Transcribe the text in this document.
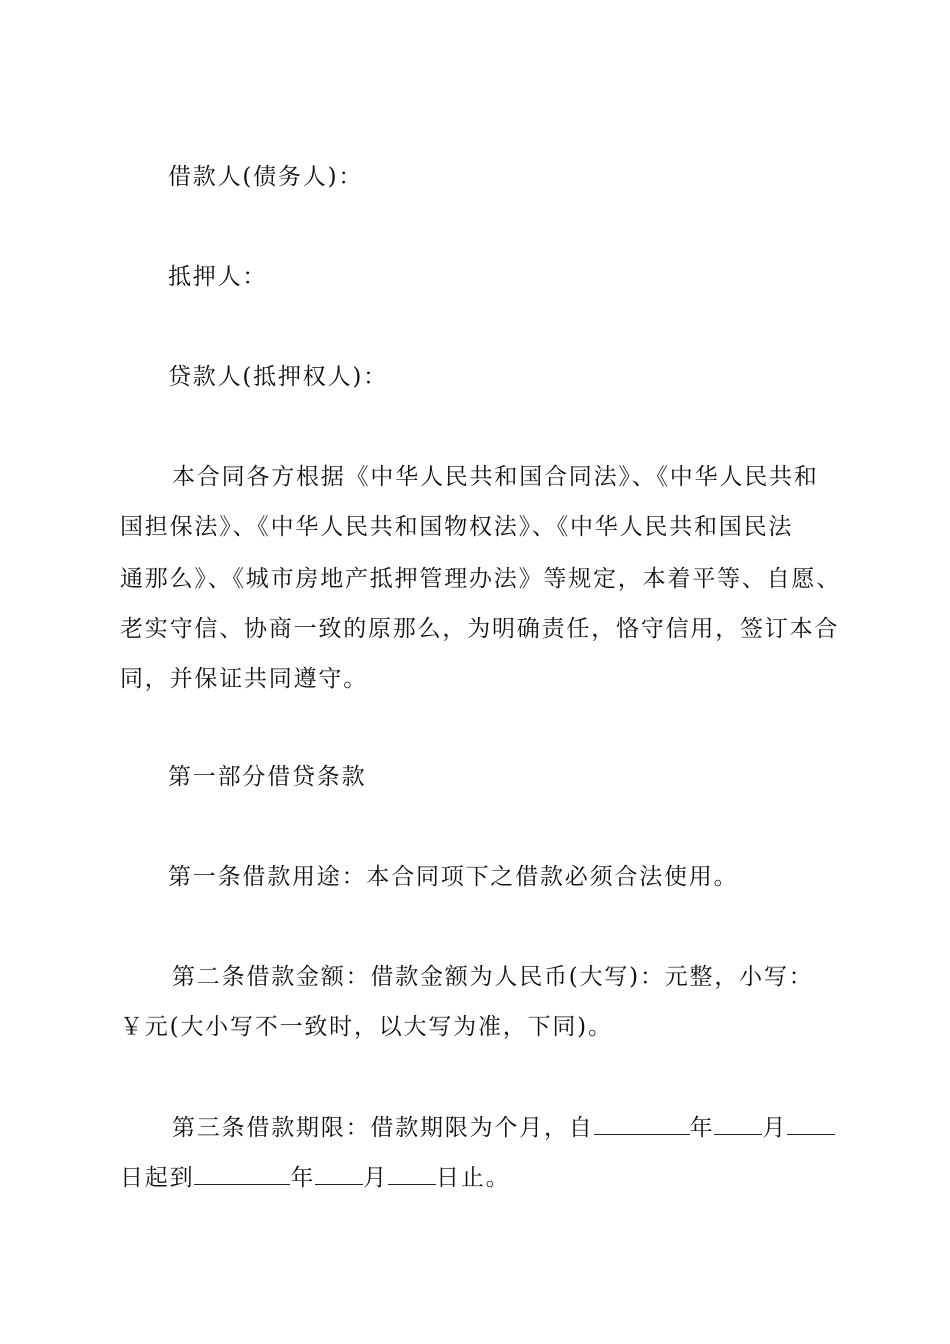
借款人(债务人)：
抵押人：
贷款人(抵押权人)：
本合同各方根据《中华人民共和国合同法》、《中华人民共和
国担保法》、《中华人民共和国物权法》、《中华人民共和国民法
通那么》、《城市房地产抵押管理办法》等规定，本着平等、自愿、
老实守信、协商一致的原那么，为明确责任，恪守信用，签订本合
同，并保证共同遵守。
第一部分借贷条款
第一条借款用途：本合同项下之借款必须合法使用。
第二条借款金额：借款金额为人民币(大写)：元整，小写：
￥元(大小写不一致时，以大写为准，下同)。
第三条借款期限：借款期限为个月，自	年 月
日起到	年 月 日止。
